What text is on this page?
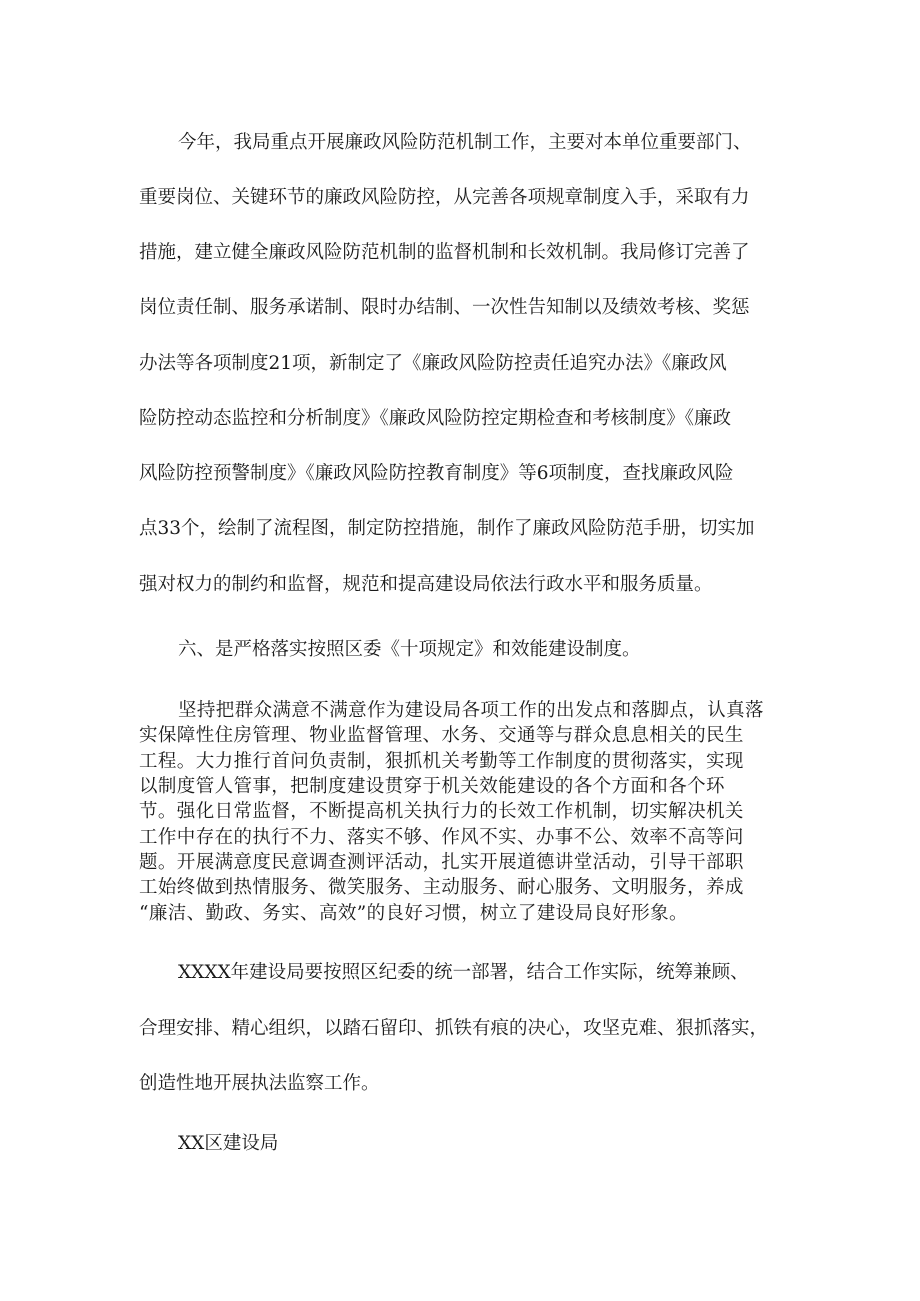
今年，我局重点开展廉政风险防范机制工作，主要对本单位重要部门、
重要岗位、关键环节的廉政风险防控，从完善各项规章制度入手，采取有力
措施，建立健全廉政风险防范机制的监督机制和长效机制。我局修订完善了
岗位责任制、服务承诺制、限时办结制、一次性告知制以及绩效考核、奖惩
办法等各项制度21项，新制定了《廉政风险防控责任追究办法》《廉政风
险防控动态监控和分析制度》《廉政风险防控定期检查和考核制度》《廉政
风险防控预警制度》《廉政风险防控教育制度》等6项制度，查找廉政风险
点33个，绘制了流程图，制定防控措施，制作了廉政风险防范手册，切实加
强对权力的制约和监督，规范和提高建设局依法行政水平和服务质量。
六、是严格落实按照区委《十项规定》和效能建设制度。
坚持把群众满意不满意作为建设局各项工作的出发点和落脚点，认真落
实保障性住房管理、物业监督管理、水务、交通等与群众息息相关的民生
工程。大力推行首问负责制，狠抓机关考勤等工作制度的贯彻落实，实现
以制度管人管事，把制度建设贯穿于机关效能建设的各个方面和各个环
节。强化日常监督，不断提高机关执行力的长效工作机制，切实解决机关
工作中存在的执行不力、落实不够、作风不实、办事不公、效率不高等问
题。开展满意度民意调查测评活动，扎实开展道德讲堂活动，引导干部职
工始终做到热情服务、微笑服务、主动服务、耐心服务、文明服务，养成
“廉洁、勤政、务实、高效”的良好习惯，树立了建设局良好形象。
XXXX年建设局要按照区纪委的统一部署，结合工作实际，统筹兼顾、
合理安排、精心组织，以踏石留印、抓铁有痕的决心，攻坚克难、狠抓落实，
创造性地开展执法监察工作。
XX区建设局
